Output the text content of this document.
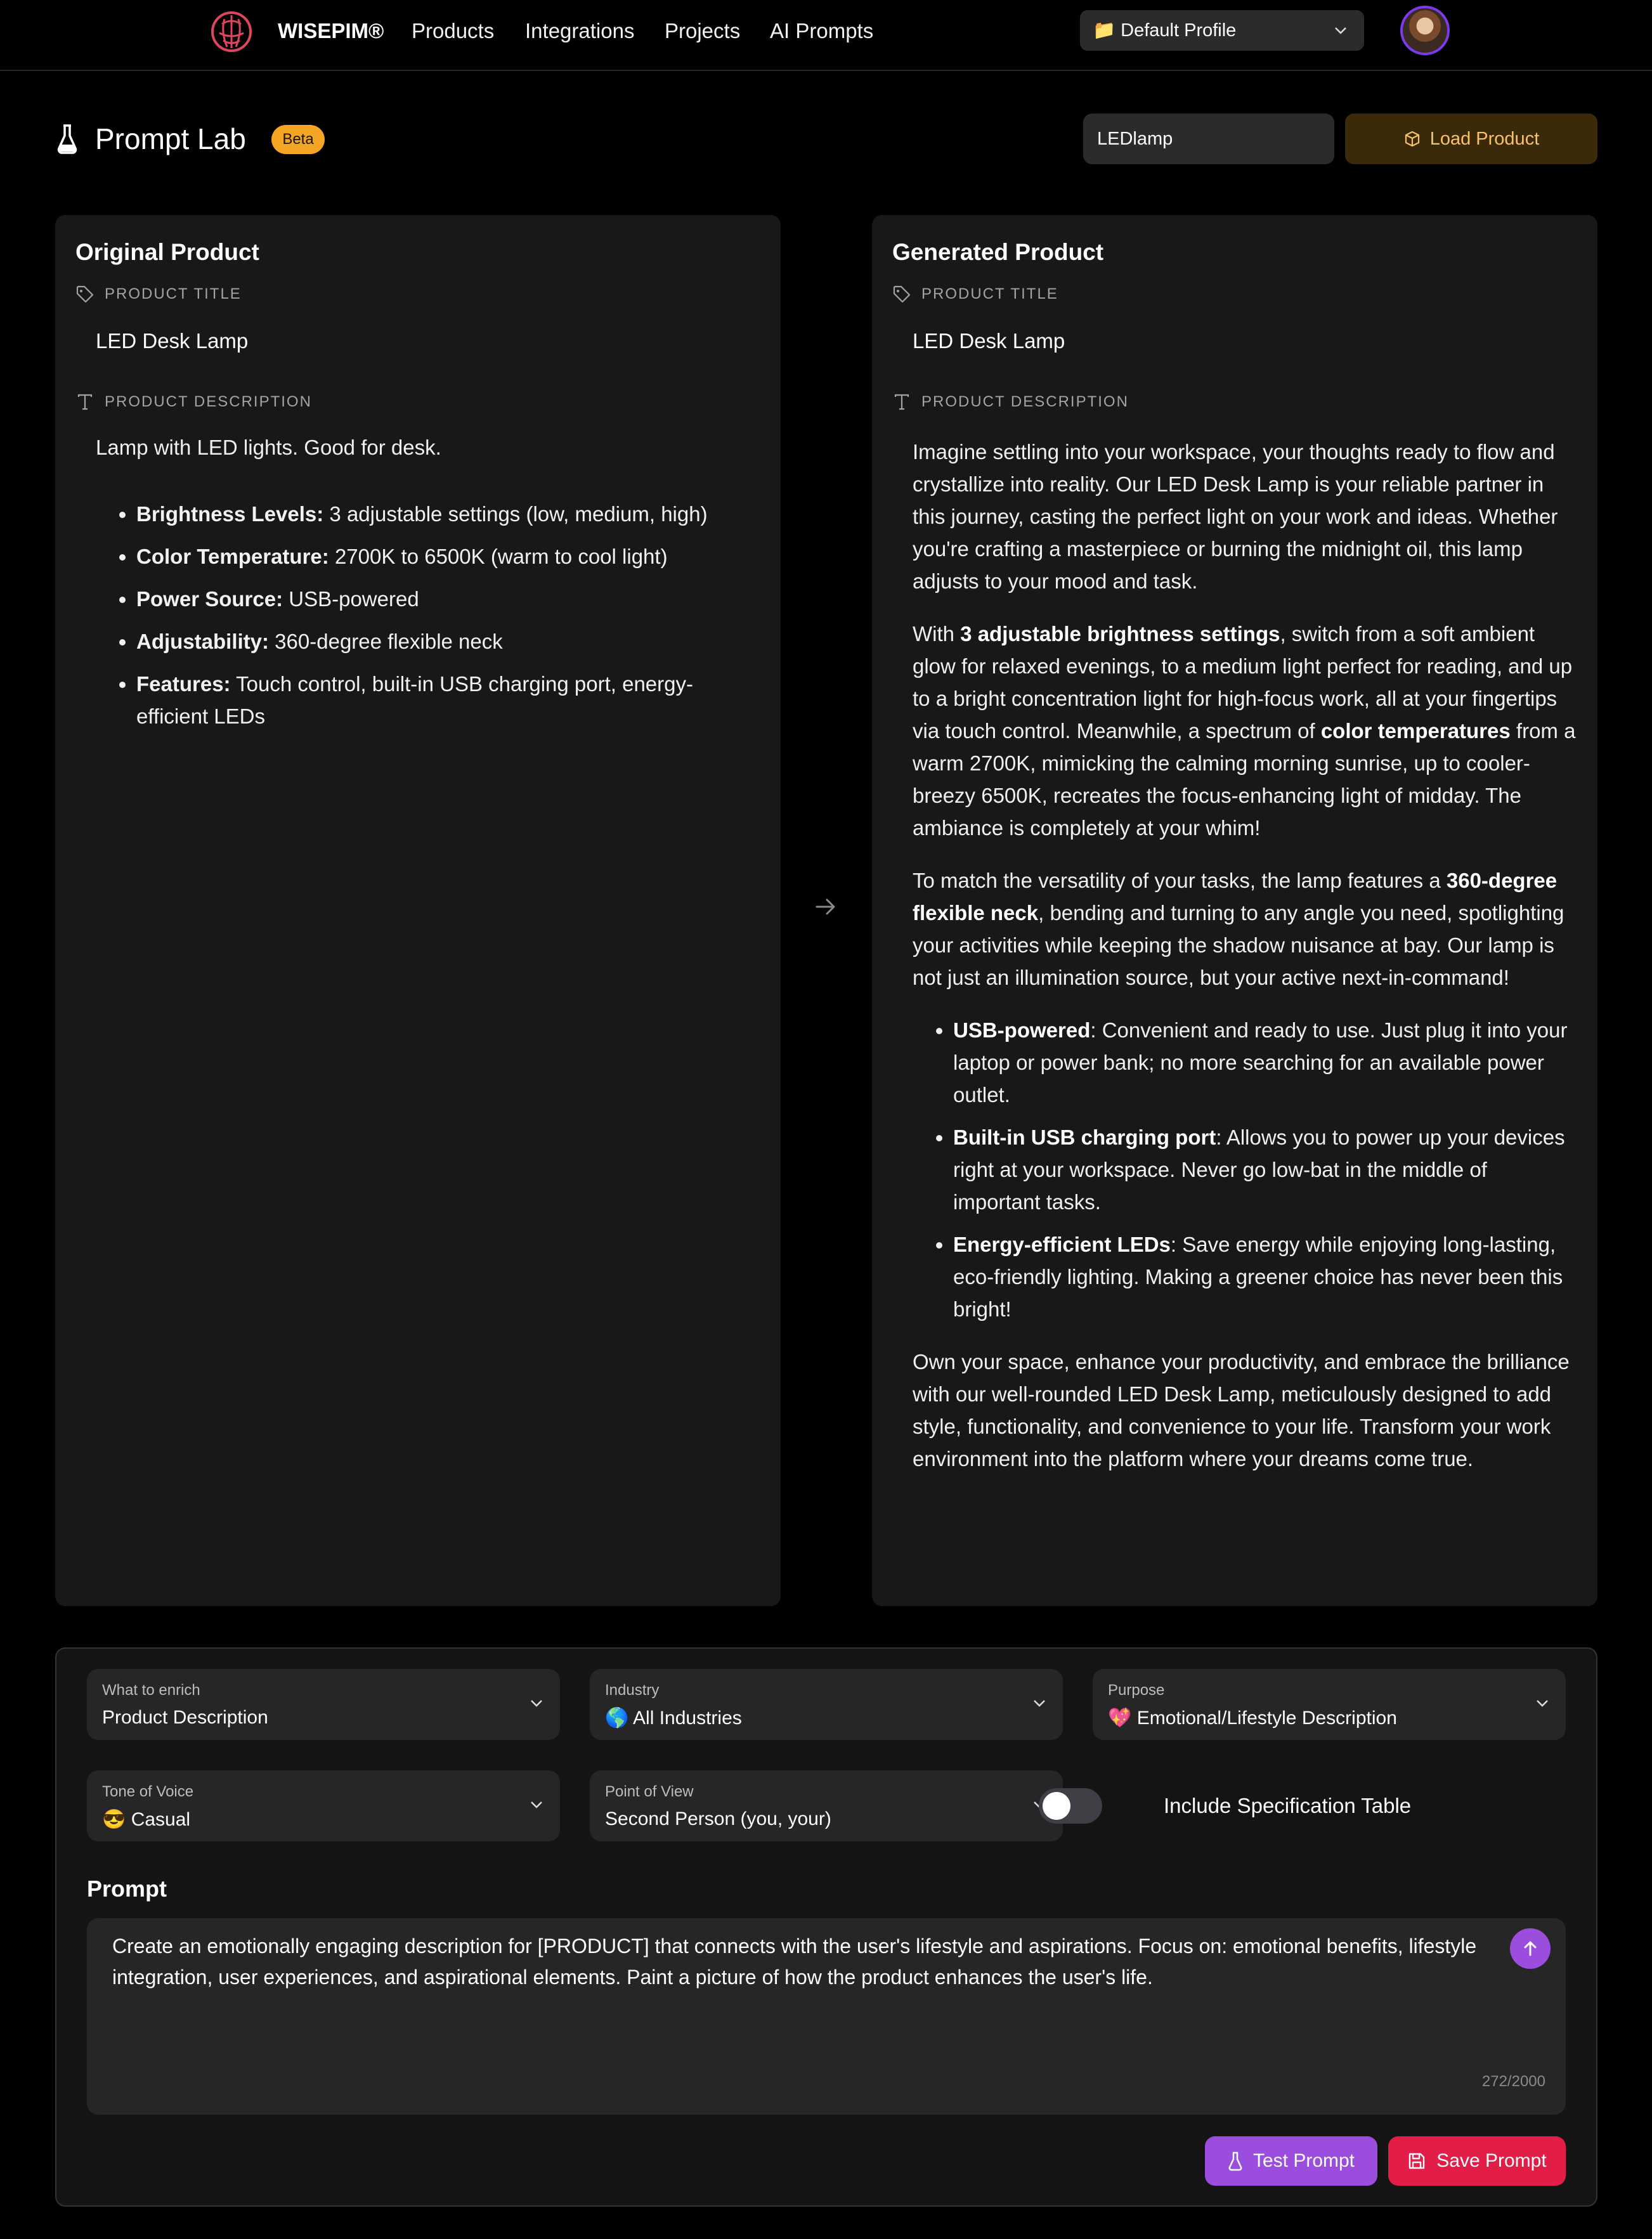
WISEPIM® Products Integrations Projects AI Prompts	📁 Default Profile
Prompt Lab	Beta
LEDlamp	Load Product
Original Product
PRODUCT TITLE
LED Desk Lamp
PRODUCT DESCRIPTION
Lamp with LED lights. Good for desk.
• Brightness Levels: 3 adjustable settings (low, medium, high)
• Color Temperature: 2700K to 6500K (warm to cool light)
• Power Source: USB-powered
• Adjustability: 360-degree flexible neck
• Features: Touch control, built-in USB charging port, energy-efficient LEDs
Generated Product
PRODUCT TITLE
LED Desk Lamp
PRODUCT DESCRIPTION

Imagine settling into your workspace, your thoughts ready to flow and crystallize into reality. Our LED Desk Lamp is your reliable partner in this journey, casting the perfect light on your work and ideas. Whether you're crafting a masterpiece or burning the midnight oil, this lamp adjusts to your mood and task.

With 3 adjustable brightness settings, switch from a soft ambient glow for relaxed evenings, to a medium light perfect for reading, and up to a bright concentration light for high-focus work, all at your fingertips via touch control. Meanwhile, a spectrum of color temperatures from a warm 2700K, mimicking the calming morning sunrise, up to cooler-breezy 6500K, recreates the focus-enhancing light of midday. The ambiance is completely at your whim!

To match the versatility of your tasks, the lamp features a 360-degree flexible neck, bending and turning to any angle you need, spotlighting your activities while keeping the shadow nuisance at bay. Our lamp is not just an illumination source, but your active next-in-command!

• USB-powered: Convenient and ready to use. Just plug it into your laptop or power bank; no more searching for an available power outlet.
• Built-in USB charging port: Allows you to power up your devices right at your workspace. Never go low-bat in the middle of important tasks.
• Energy-efficient LEDs: Save energy while enjoying long-lasting, eco-friendly lighting. Making a greener choice has never been this bright!

Own your space, enhance your productivity, and embrace the brilliance with our well-rounded LED Desk Lamp, meticulously designed to add style, functionality, and convenience to your life. Transform your work environment into the platform where your dreams come true.

What to enrich
Product Description
Industry
🌎 All Industries
Purpose
💖 Emotional/Lifestyle Description
Tone of Voice
😎 Casual
Point of View
Second Person (you, your)
Include Specification Table
Prompt
Create an emotionally engaging description for [PRODUCT] that connects with the user's lifestyle and aspirations. Focus on: emotional benefits, lifestyle integration, user experiences, and aspirational elements. Paint a picture of how the product enhances the user's life.
272/2000
Test Prompt	Save Prompt
